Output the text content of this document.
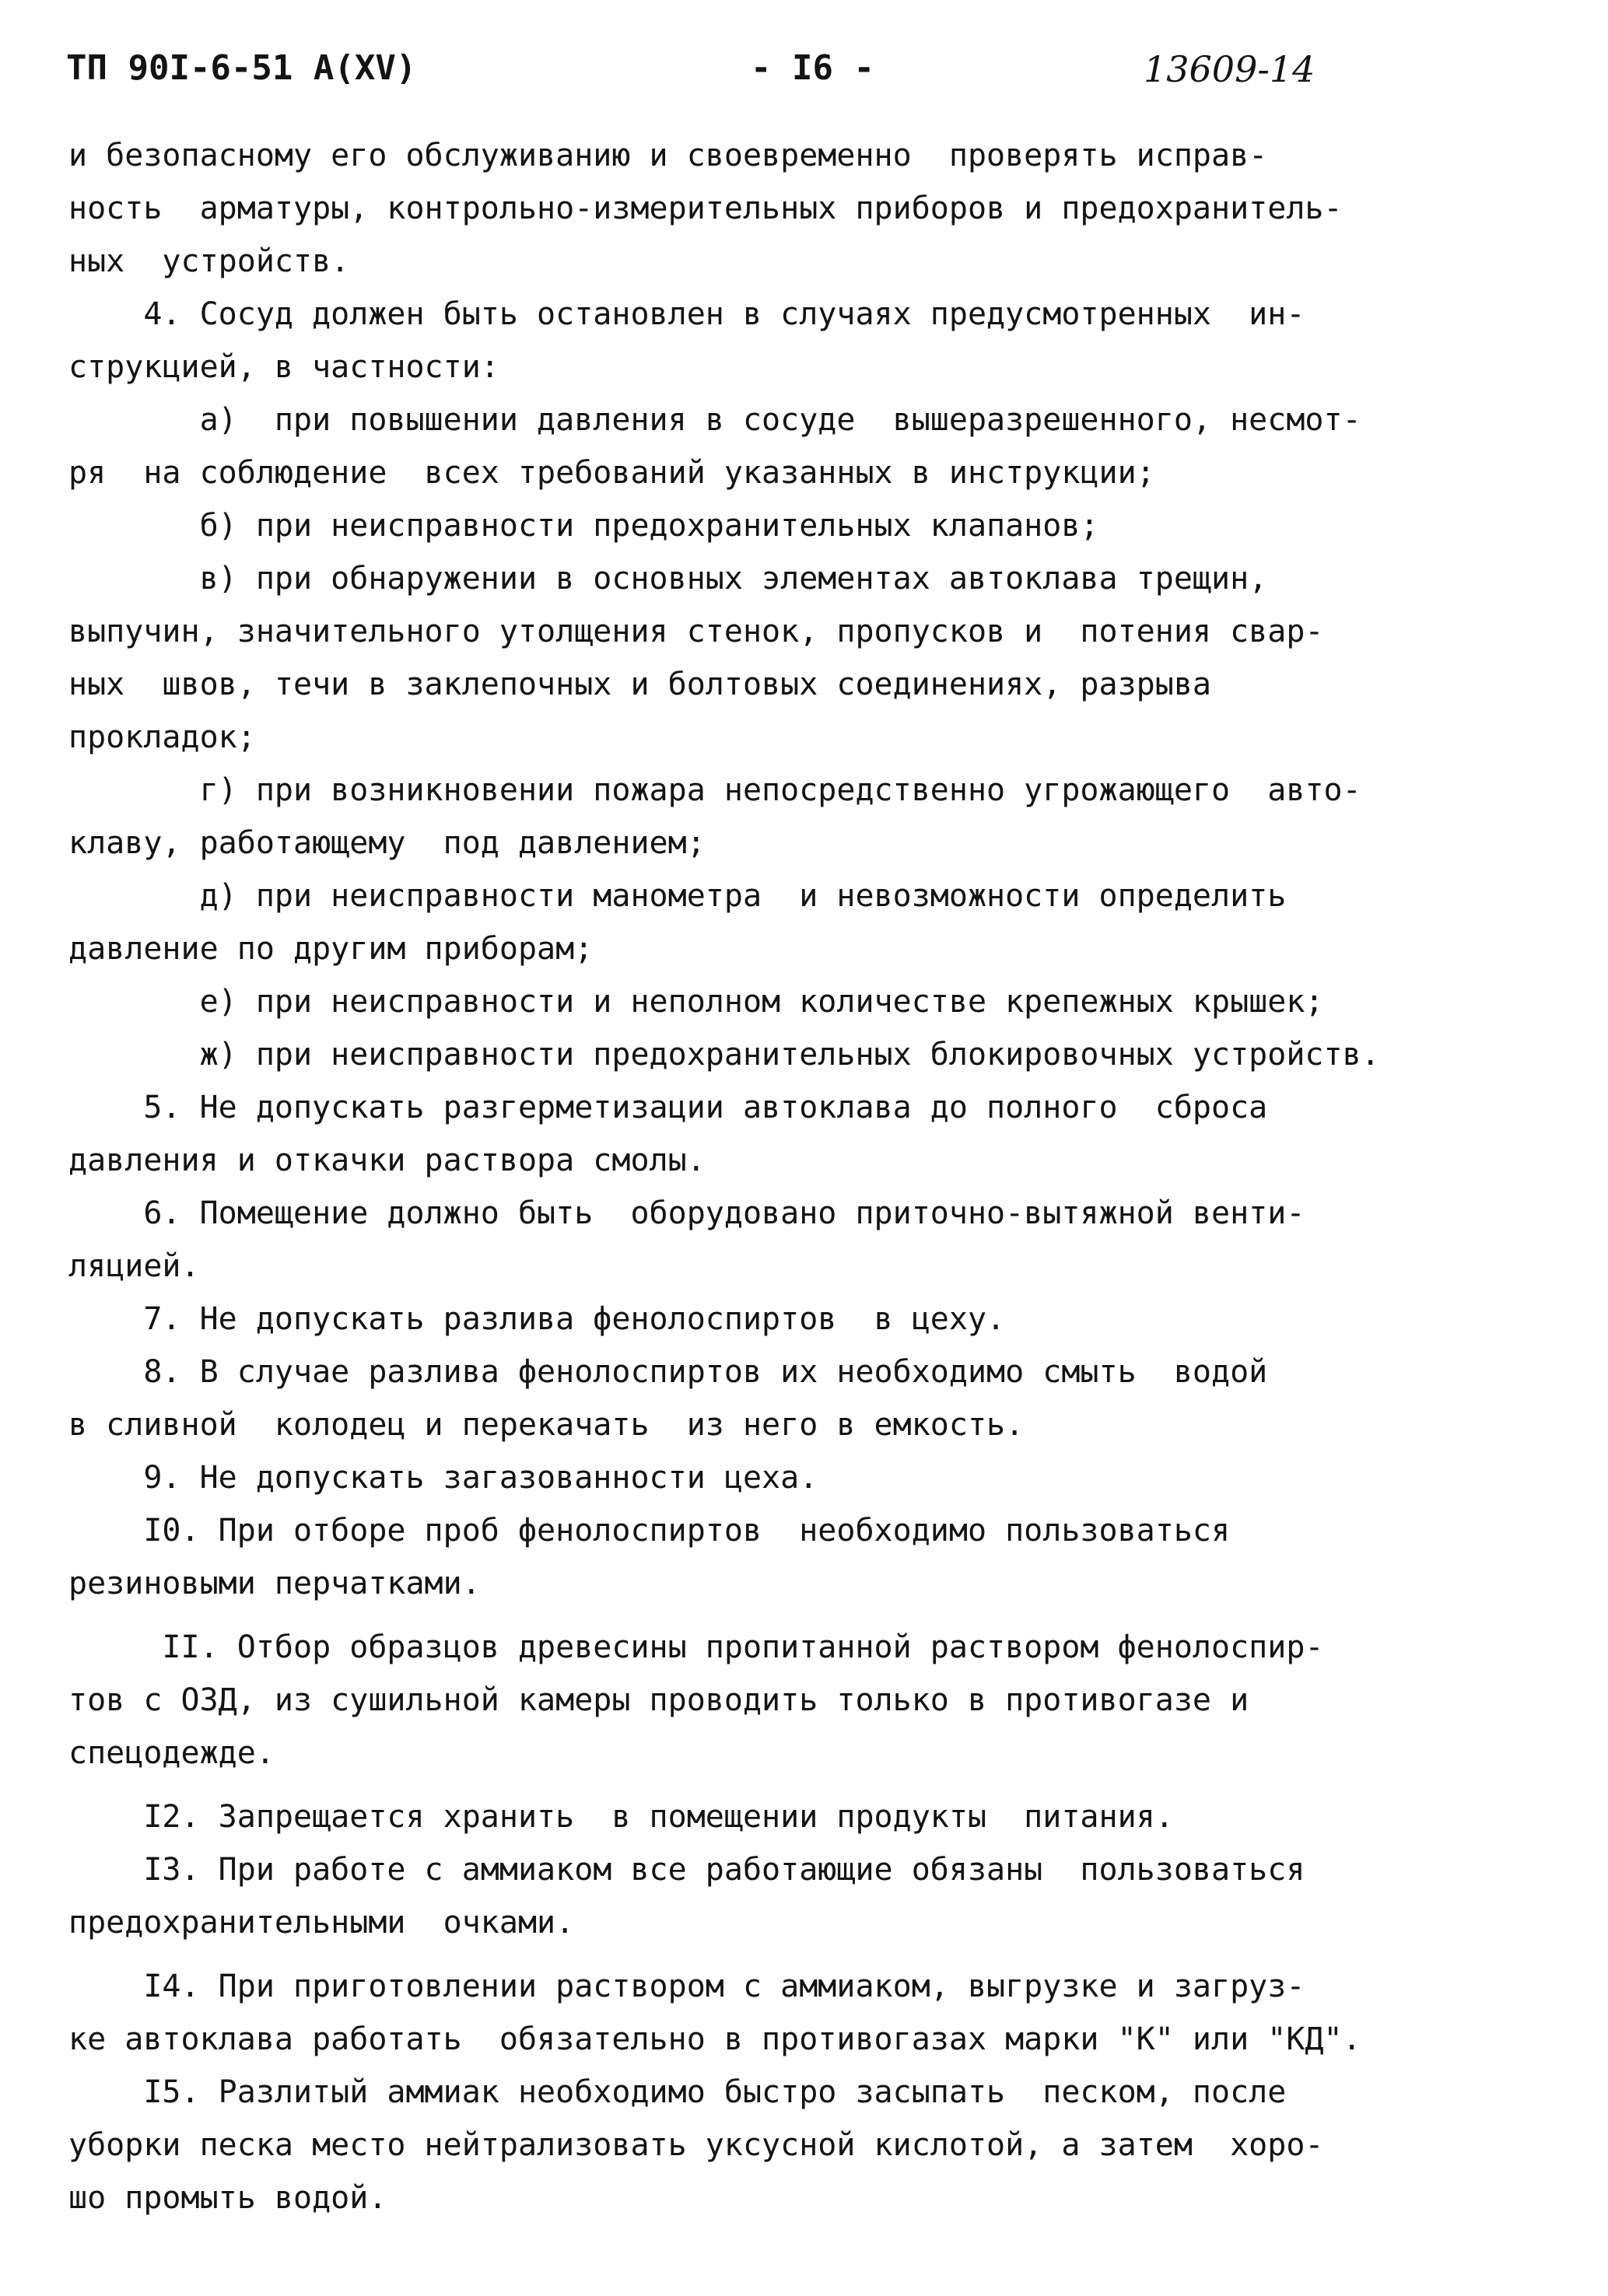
ТП 90I-6-51 А(XV)	- I6 -	13609-14
и безопасному его обслуживанию и своевременно  проверять исправ-
ность  арматуры, контрольно-измерительных приборов и предохранитель-
ных  устройств.
4. Сосуд должен быть остановлен в случаях предусмотренных  ин-
струкцией, в частности:
а)  при повышении давления в сосуде  вышеразрешенного, несмот-
ря  на соблюдение  всех требований указанных в инструкции;
б) при неисправности предохранительных клапанов;
в) при обнаружении в основных элементах автоклава трещин,
выпучин, значительного утолщения стенок, пропусков и  потения свар-
ных  швов, течи в заклепочных и болтовых соединениях, разрыва
прокладок;
г) при возникновении пожара непосредственно угрожающего  авто-
клаву, работающему  под давлением;
д) при неисправности манометра  и невозможности определить
давление по другим приборам;
е) при неисправности и неполном количестве крепежных крышек;
ж) при неисправности предохранительных блокировочных устройств.
5. Не допускать разгерметизации автоклава до полного  сброса
давления и откачки раствора смолы.
6. Помещение должно быть  оборудовано приточно-вытяжной венти-
ляцией.
7. Не допускать разлива фенолоспиртов  в цеху.
8. В случае разлива фенолоспиртов их необходимо смыть  водой
в сливной  колодец и перекачать  из него в емкость.
9. Не допускать загазованности цеха.
I0. При отборе проб фенолоспиртов  необходимо пользоваться
резиновыми перчатками.
II. Отбор образцов древесины пропитанной раствором фенолоспир-
тов с ОЗД, из сушильной камеры проводить только в противогазе и
спецодежде.
I2. Запрещается хранить  в помещении продукты  питания.
I3. При работе с аммиаком все работающие обязаны  пользоваться
предохранительными  очками.
I4. При приготовлении раствором с аммиаком, выгрузке и загруз-
ке автоклава работать  обязательно в противогазах марки "К" или "КД".
I5. Разлитый аммиак необходимо быстро засыпать  песком, после
уборки песка место нейтрализовать уксусной кислотой, а затем  хоро-
шо промыть водой.
